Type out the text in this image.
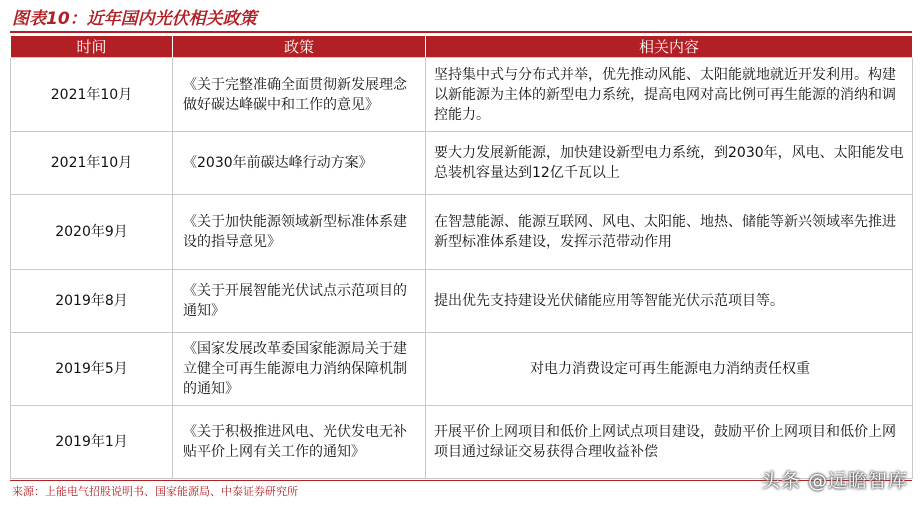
图表10：近年国内光伏相关政策
时间	政策	相关内容
2021年10月	《关于完整准确全面贯彻新发展理念做好碳达峰碳中和工作的意见》	坚持集中式与分布式并举，优先推动风能、太阳能就地就近开发利用。构建以新能源为主体的新型电力系统，提高电网对高比例可再生能源的消纳和调控能力。
2021年10月	《2030年前碳达峰行动方案》	要大力发展新能源，加快建设新型电力系统，到2030年，风电、太阳能发电总装机容量达到12亿千瓦以上
2020年9月	《关于加快能源领域新型标准体系建设的指导意见》	在智慧能源、能源互联网、风电、太阳能、地热、储能等新兴领域率先推进新型标准体系建设，发挥示范带动作用
2019年8月	《关于开展智能光伏试点示范项目的通知》	提出优先支持建设光伏储能应用等智能光伏示范项目等。
2019年5月	《国家发展改革委国家能源局关于建立健全可再生能源电力消纳保障机制的通知》	对电力消费设定可再生能源电力消纳责任权重
2019年1月	《关于积极推进风电、光伏发电无补贴平价上网有关工作的通知》	开展平价上网项目和低价上网试点项目建设，鼓励平价上网项目和低价上网项目通过绿证交易获得合理收益补偿
来源：上能电气招股说明书、国家能源局、中泰证券研究所	头条 @远瞻智库
